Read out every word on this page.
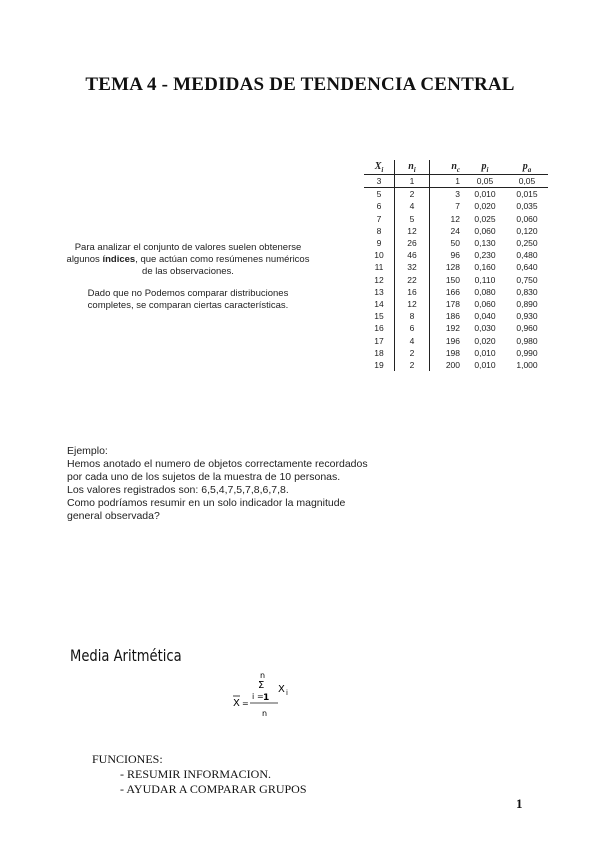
TEMA 4 - MEDIDAS DE TENDENCIA CENTRAL

Para analizar el conjunto de valores suelen obtenerse algunos índices, que actúan como resúmenes numéricos de las observaciones.

Dado que no Podemos comparar distribuciones completes, se comparan ciertas características.

$X_i$	$n_i$	$n_c$	$p_i$	$p_a$
3	1	1	0,05	0,05
5	2	3	0,010	0,015
6	4	7	0,020	0,035
7	5	12	0,025	0,060
8	12	24	0,060	0,120
9	26	50	0,130	0,250
10	46	96	0,230	0,480
11	32	128	0,160	0,640
12	22	150	0,110	0,750
13	16	166	0,080	0,830
14	12	178	0,060	0,890
15	8	186	0,040	0,930
16	6	192	0,030	0,960
17	4	196	0,020	0,980
18	2	198	0,010	0,990
19	2	200	0,010	1,000
Ejemplo:
Hemos anotado el numero de objetos correctamente recordados
por cada uno de los sujetos de la muestra de 10 personas.
Los valores registrados son: 6,5,4,7,5,7,8,6,7,8.
Como podríamos resumir en un solo indicador la magnitude
general observada?
Media Aritmética
X =
n
Σ
i = 1
X i
n
FUNCIONES:
- RESUMIR INFORMACION.
- AYUDAR A COMPARAR GRUPOS
1
